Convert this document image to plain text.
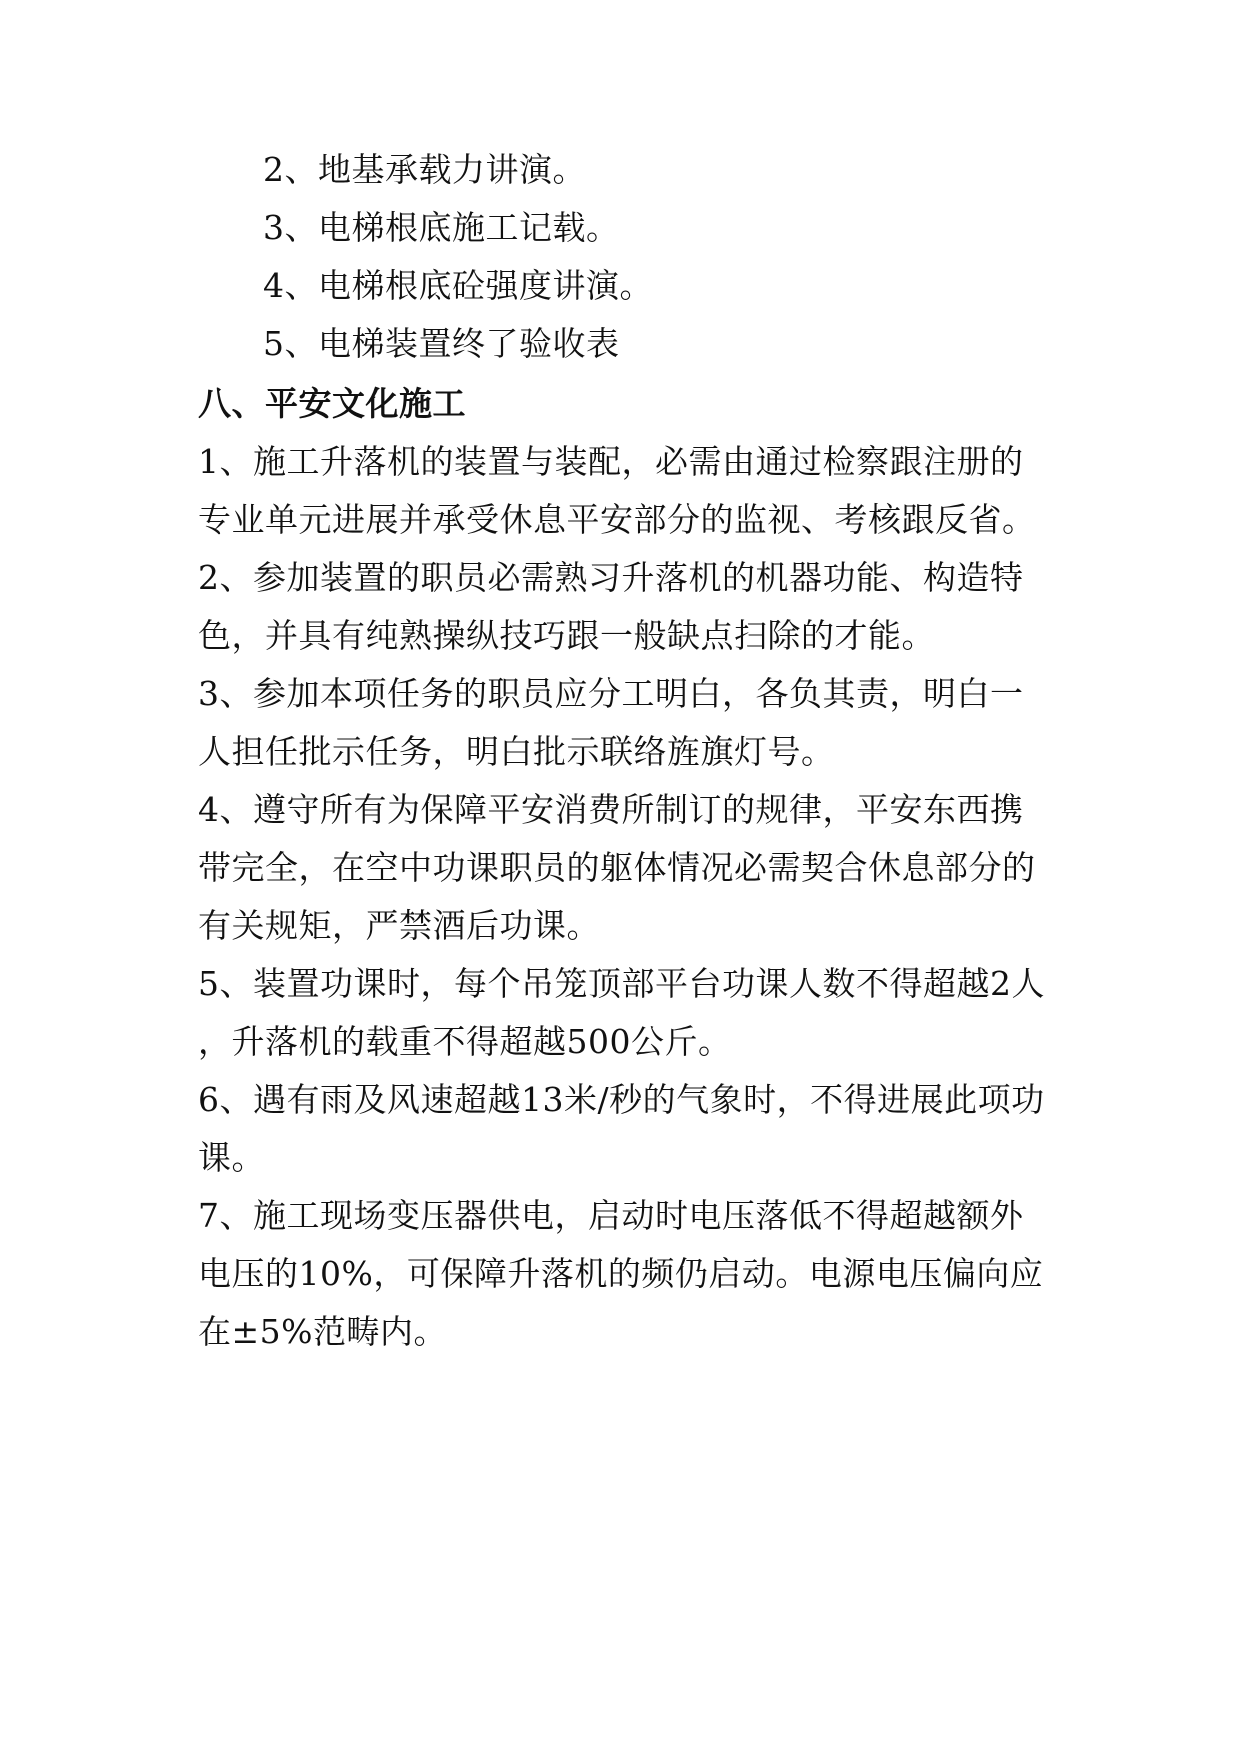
2、地基承载力讲演。
3、电梯根底施工记载。
4、电梯根底砼强度讲演。
5、电梯装置终了验收表
八、平安文化施工
1、施工升落机的装置与装配，必需由通过检察跟注册的
专业单元进展并承受休息平安部分的监视、考核跟反省。
2、参加装置的职员必需熟习升落机的机器功能、构造特
色，并具有纯熟操纵技巧跟一般缺点扫除的才能。
3、参加本项任务的职员应分工明白，各负其责，明白一
人担任批示任务，明白批示联络旌旗灯号。
4、遵守所有为保障平安消费所制订的规律，平安东西携
带完全，在空中功课职员的躯体情况必需契合休息部分的
有关规矩，严禁酒后功课。
5、装置功课时，每个吊笼顶部平台功课人数不得超越2人
，升落机的载重不得超越500公斤。
6、遇有雨及风速超越13米/秒的气象时，不得进展此项功
课。
7、施工现场变压器供电，启动时电压落低不得超越额外
电压的10%，可保障升落机的频仍启动。电源电压偏向应
在±5%范畴内。
